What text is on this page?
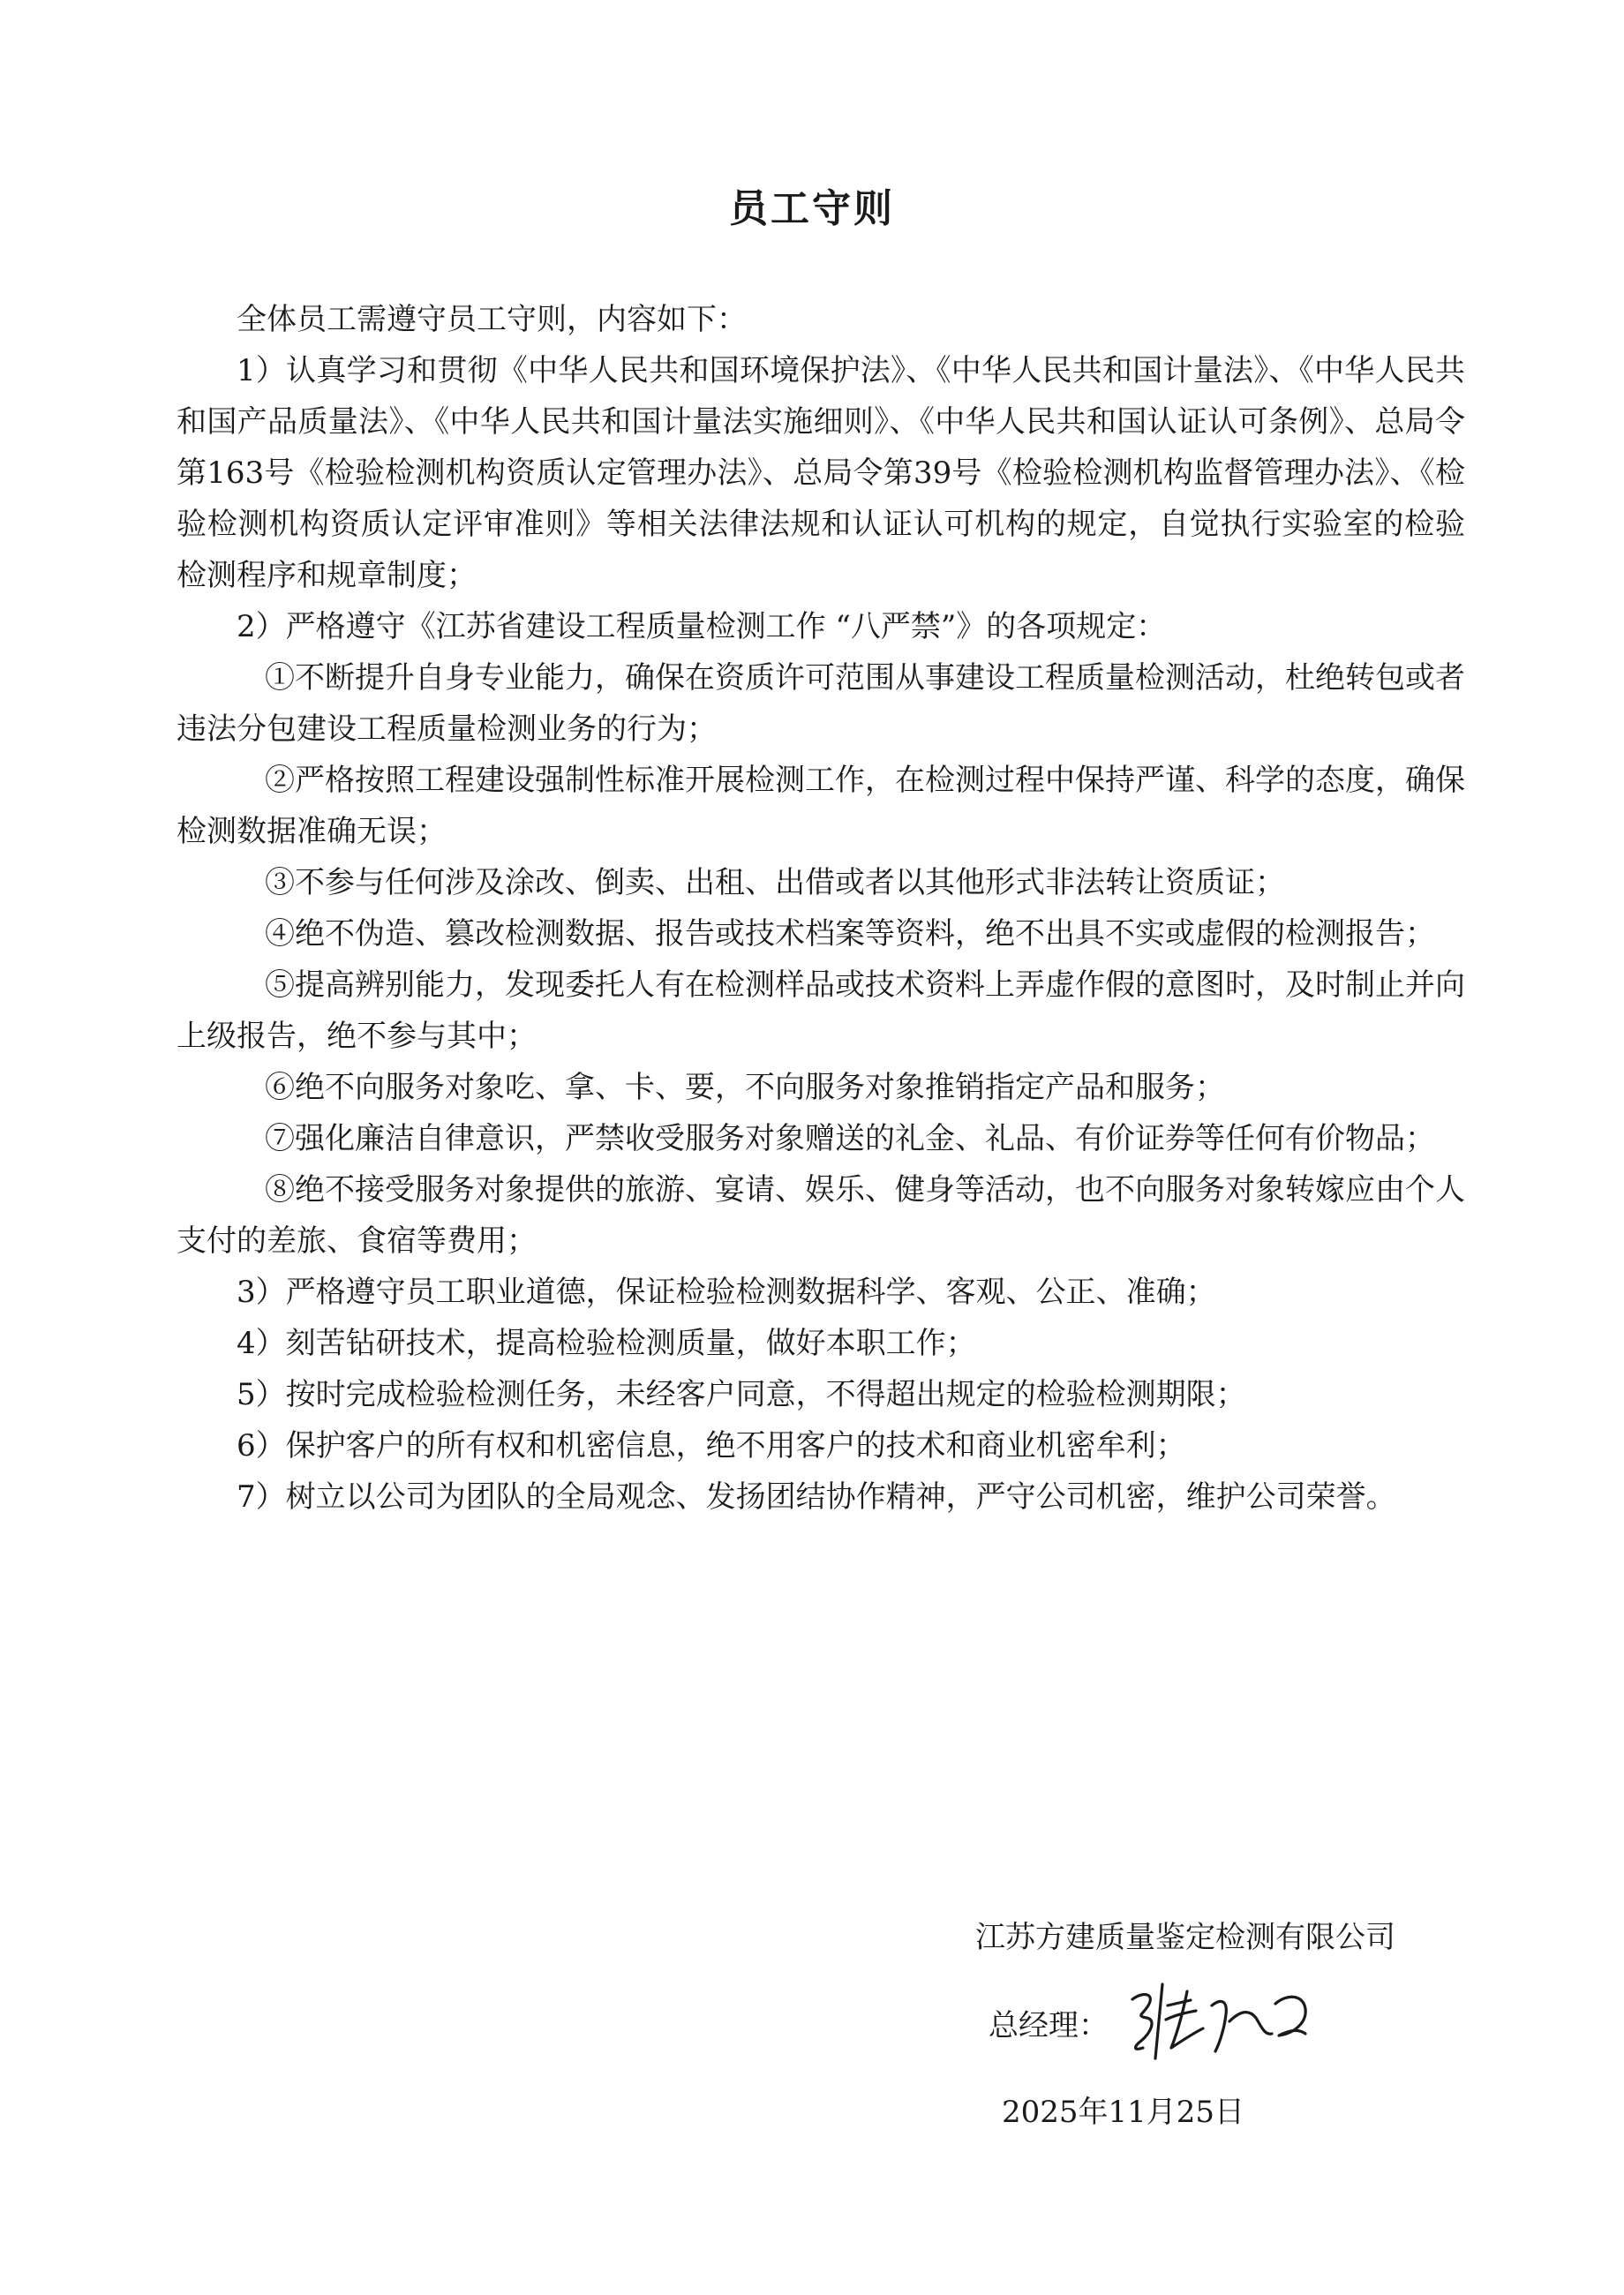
员工守则

全体员工需遵守员工守则，内容如下：

1）认真学习和贯彻《中华人民共和国环境保护法》、《中华人民共和国计量法》、《中华人民共和国产品质量法》、《中华人民共和国计量法实施细则》、《中华人民共和国认证认可条例》、总局令第163号《检验检测机构资质认定管理办法》、总局令第39号《检验检测机构监督管理办法》、《检验检测机构资质认定评审准则》等相关法律法规和认证认可机构的规定，自觉执行实验室的检验检测程序和规章制度；

2）严格遵守《江苏省建设工程质量检测工作 “八严禁”》的各项规定：

①不断提升自身专业能力，确保在资质许可范围从事建设工程质量检测活动，杜绝转包或者违法分包建设工程质量检测业务的行为；

②严格按照工程建设强制性标准开展检测工作，在检测过程中保持严谨、科学的态度，确保检测数据准确无误；

③不参与任何涉及涂改、倒卖、出租、出借或者以其他形式非法转让资质证；

④绝不伪造、篡改检测数据、报告或技术档案等资料，绝不出具不实或虚假的检测报告；

⑤提高辨别能力，发现委托人有在检测样品或技术资料上弄虚作假的意图时，及时制止并向上级报告，绝不参与其中；

⑥绝不向服务对象吃、拿、卡、要，不向服务对象推销指定产品和服务；

⑦强化廉洁自律意识，严禁收受服务对象赠送的礼金、礼品、有价证券等任何有价物品；

⑧绝不接受服务对象提供的旅游、宴请、娱乐、健身等活动，也不向服务对象转嫁应由个人支付的差旅、食宿等费用；

3）严格遵守员工职业道德，保证检验检测数据科学、客观、公正、准确；

4）刻苦钻研技术，提高检验检测质量，做好本职工作；

5）按时完成检验检测任务，未经客户同意，不得超出规定的检验检测期限；

6）保护客户的所有权和机密信息，绝不用客户的技术和商业机密牟利；

7）树立以公司为团队的全局观念、发扬团结协作精神，严守公司机密，维护公司荣誉。

江苏方建质量鉴定检测有限公司
总经理：
2025年11月25日
